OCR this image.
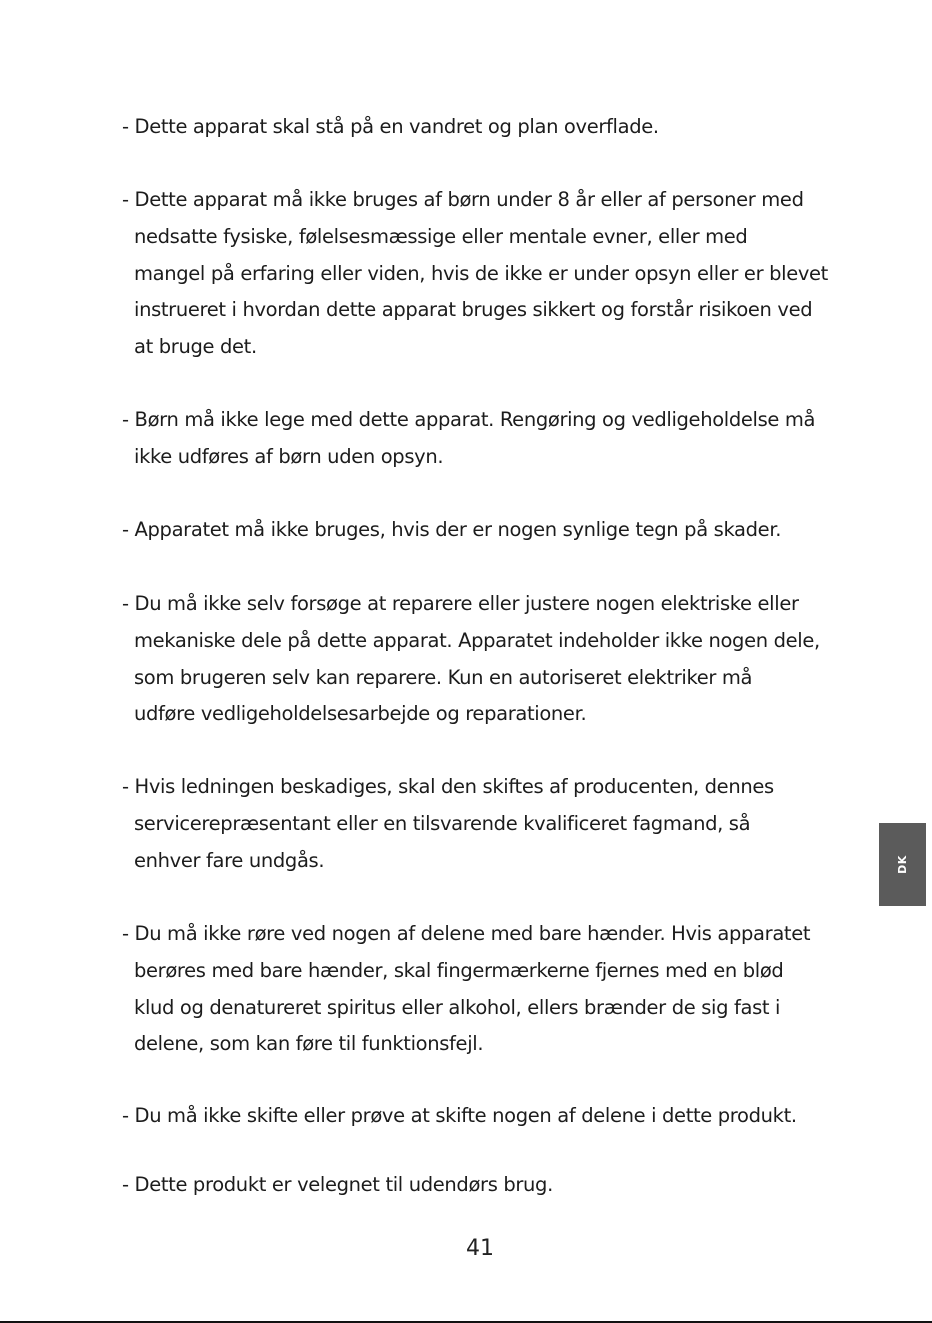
- Dette apparat skal stå på en vandret og plan overflade.
- Dette apparat må ikke bruges af børn under 8 år eller af personer med
nedsatte fysiske, følelsesmæssige eller mentale evner, eller med
mangel på erfaring eller viden, hvis de ikke er under opsyn eller er blevet
instrueret i hvordan dette apparat bruges sikkert og forstår risikoen ved
at bruge det.
- Børn må ikke lege med dette apparat. Rengøring og vedligeholdelse må
ikke udføres af børn uden opsyn.
- Apparatet må ikke bruges, hvis der er nogen synlige tegn på skader.
- Du må ikke selv forsøge at reparere eller justere nogen elektriske eller
mekaniske dele på dette apparat. Apparatet indeholder ikke nogen dele,
som brugeren selv kan reparere. Kun en autoriseret elektriker må
udføre vedligeholdelsesarbejde og reparationer.
- Hvis ledningen beskadiges, skal den skiftes af producenten, dennes
servicerepræsentant eller en tilsvarende kvalificeret fagmand, så
enhver fare undgås.
- Du må ikke røre ved nogen af delene med bare hænder. Hvis apparatet
berøres med bare hænder, skal fingermærkerne fjernes med en blød
klud og denatureret spiritus eller alkohol, ellers brænder de sig fast i
delene, som kan føre til funktionsfejl.
- Du må ikke skifte eller prøve at skifte nogen af delene i dette produkt.
- Dette produkt er velegnet til udendørs brug.
DK
41
